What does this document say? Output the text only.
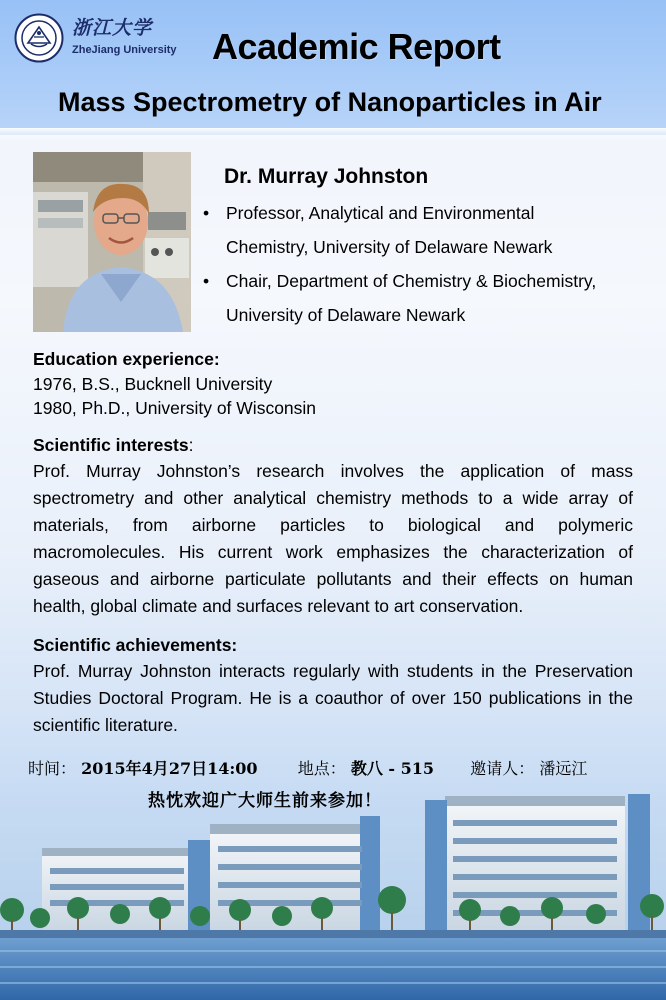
浙江大学
ZheJiang University Academic Report
Mass Spectrometry of Nanoparticles in Air
Dr. Murray Johnston
• Professor, Analytical and Environmental
Chemistry, University of Delaware Newark
• Chair, Department of Chemistry & Biochemistry,
University of Delaware Newark
Education experience:
1976, B.S., Bucknell University
1980, Ph.D., University of Wisconsin
Scientific interests:
Prof. Murray Johnston’s research involves the application of mass spectrometry and other analytical chemistry methods to a wide array of materials, from airborne particles to biological and polymeric macromolecules. His current work emphasizes the characterization of gaseous and airborne particulate pollutants and their effects on human health, global climate and surfaces relevant to art conservation.
Scientific achievements:
Prof. Murray Johnston interacts regularly with students in the Preservation Studies Doctoral Program. He is a coauthor of over 150 publications in the scientific literature.
时间： 2015年4月27日14:00	地点： 教八 - 515 邀请人： 潘远江
热忱欢迎广大师生前来参加！
